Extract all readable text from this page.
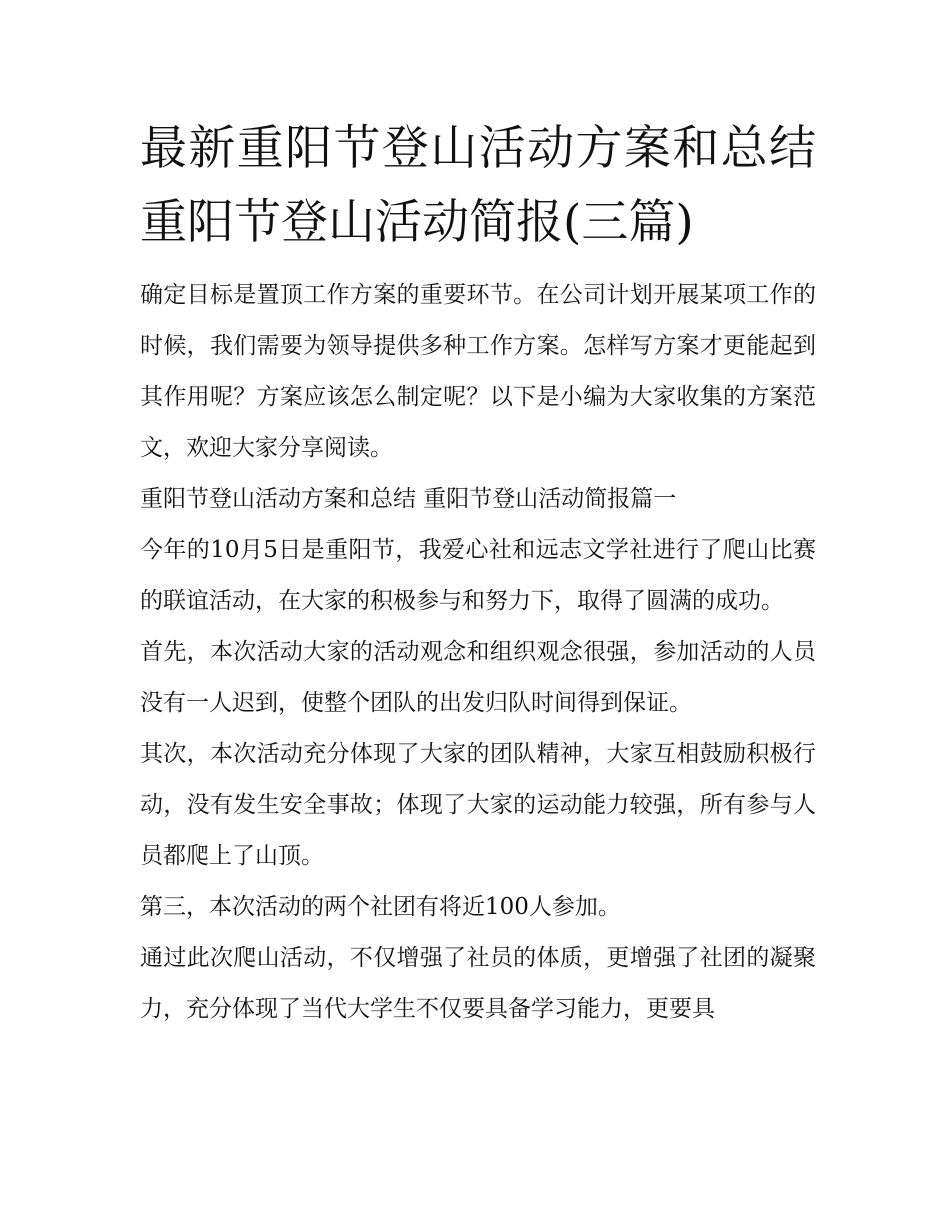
最新重阳节登山活动方案和总结 重阳节登山活动简报(三篇)

确定目标是置顶工作方案的重要环节。在公司计划开展某项工作的时候，我们需要为领导提供多种工作方案。怎样写方案才更能起到其作用呢？方案应该怎么制定呢？以下是小编为大家收集的方案范文，欢迎大家分享阅读。

重阳节登山活动方案和总结 重阳节登山活动简报篇一

今年的10月5日是重阳节，我爱心社和远志文学社进行了爬山比赛的联谊活动，在大家的积极参与和努力下，取得了圆满的成功。

首先，本次活动大家的活动观念和组织观念很强，参加活动的人员没有一人迟到，使整个团队的出发归队时间得到保证。

其次，本次活动充分体现了大家的团队精神，大家互相鼓励积极行动，没有发生安全事故；体现了大家的运动能力较强，所有参与人员都爬上了山顶。

第三，本次活动的两个社团有将近100人参加。

通过此次爬山活动，不仅增强了社员的体质，更增强了社团的凝聚力，充分体现了当代大学生不仅要具备学习能力，更要具
